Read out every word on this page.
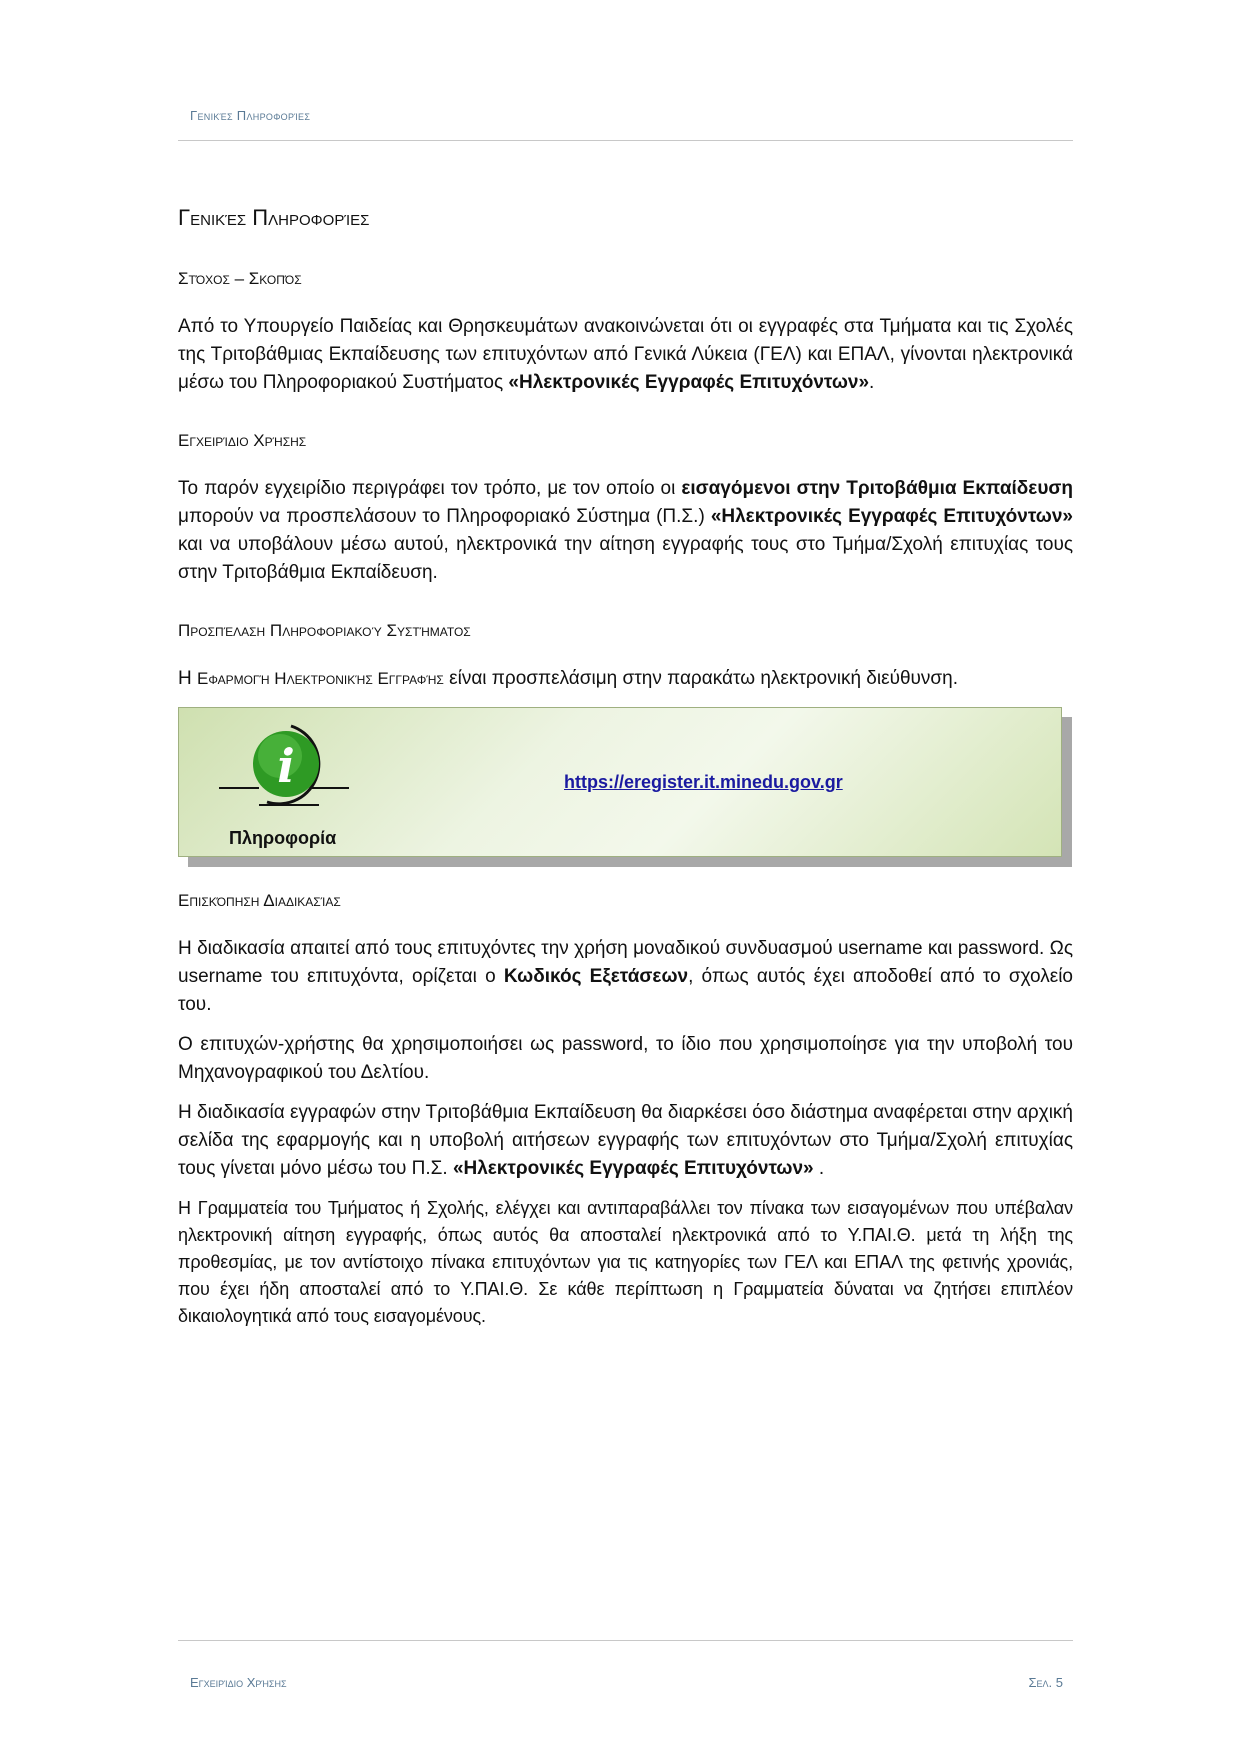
Γενικές Πληροφορίες
Γενικές Πληροφορίες
Στόχος – Σκοπός

Από το Υπουργείο Παιδείας και Θρησκευμάτων ανακοινώνεται ότι οι εγγραφές στα Τμήματα και τις Σχολές της Τριτοβάθμιας Εκπαίδευσης των επιτυχόντων από Γενικά Λύκεια (ΓΕΛ) και ΕΠΑΛ, γίνονται ηλεκτρονικά μέσω του Πληροφοριακού Συστήματος «Ηλεκτρονικές Εγγραφές Επιτυχόντων».

Εγχειρίδιο Χρήσης

Το παρόν εγχειρίδιο περιγράφει τον τρόπο, με τον οποίο οι εισαγόμενοι στην Τριτοβάθμια Εκπαίδευση μπορούν να προσπελάσουν το Πληροφοριακό Σύστημα (Π.Σ.) «Ηλεκτρονικές Εγγραφές Επιτυχόντων» και να υποβάλουν μέσω αυτού, ηλεκτρονικά την αίτηση εγγραφής τους στο Τμήμα/Σχολή επιτυχίας τους στην Τριτοβάθμια Εκπαίδευση.

Προσπέλαση Πληροφοριακού Συστήματος

Η Εφαρμογή Ηλεκτρονικής Εγγραφής είναι προσπελάσιμη στην παρακάτω ηλεκτρονική διεύθυνση.

i
Πληροφορία
https://eregister.it.minedu.gov.gr
Επισκόπηση Διαδικασίας

Η διαδικασία απαιτεί από τους επιτυχόντες την χρήση μοναδικού συνδυασμού username και password. Ως username του επιτυχόντα, ορίζεται ο Κωδικός Εξετάσεων, όπως αυτός έχει αποδοθεί από το σχολείο του.

Ο επιτυχών-χρήστης θα χρησιμοποιήσει ως password, το ίδιο που χρησιμοποίησε για την υποβολή του Μηχανογραφικού του Δελτίου.

Η διαδικασία εγγραφών στην Τριτοβάθμια Εκπαίδευση θα διαρκέσει όσο διάστημα αναφέρεται στην αρχική σελίδα της εφαρμογής και η υποβολή αιτήσεων εγγραφής των επιτυχόντων στο Τμήμα/Σχολή επιτυχίας τους γίνεται μόνο μέσω του Π.Σ. «Ηλεκτρονικές Εγγραφές Επιτυχόντων» .

Η Γραμματεία του Τμήματος ή Σχολής, ελέγχει και αντιπαραβάλλει τον πίνακα των εισαγομένων που υπέβαλαν ηλεκτρονική αίτηση εγγραφής, όπως αυτός θα αποσταλεί ηλεκτρονικά από το Υ.ΠΑΙ.Θ. μετά τη λήξη της προθεσμίας, με τον αντίστοιχο πίνακα επιτυχόντων για τις κατηγορίες των ΓΕΛ και ΕΠΑΛ της φετινής χρονιάς, που έχει ήδη αποσταλεί από το Υ.ΠΑΙ.Θ. Σε κάθε περίπτωση η Γραμματεία δύναται να ζητήσει επιπλέον δικαιολογητικά από τους εισαγομένους.

Εγχειρίδιο Χρήσης	Σελ. 5
